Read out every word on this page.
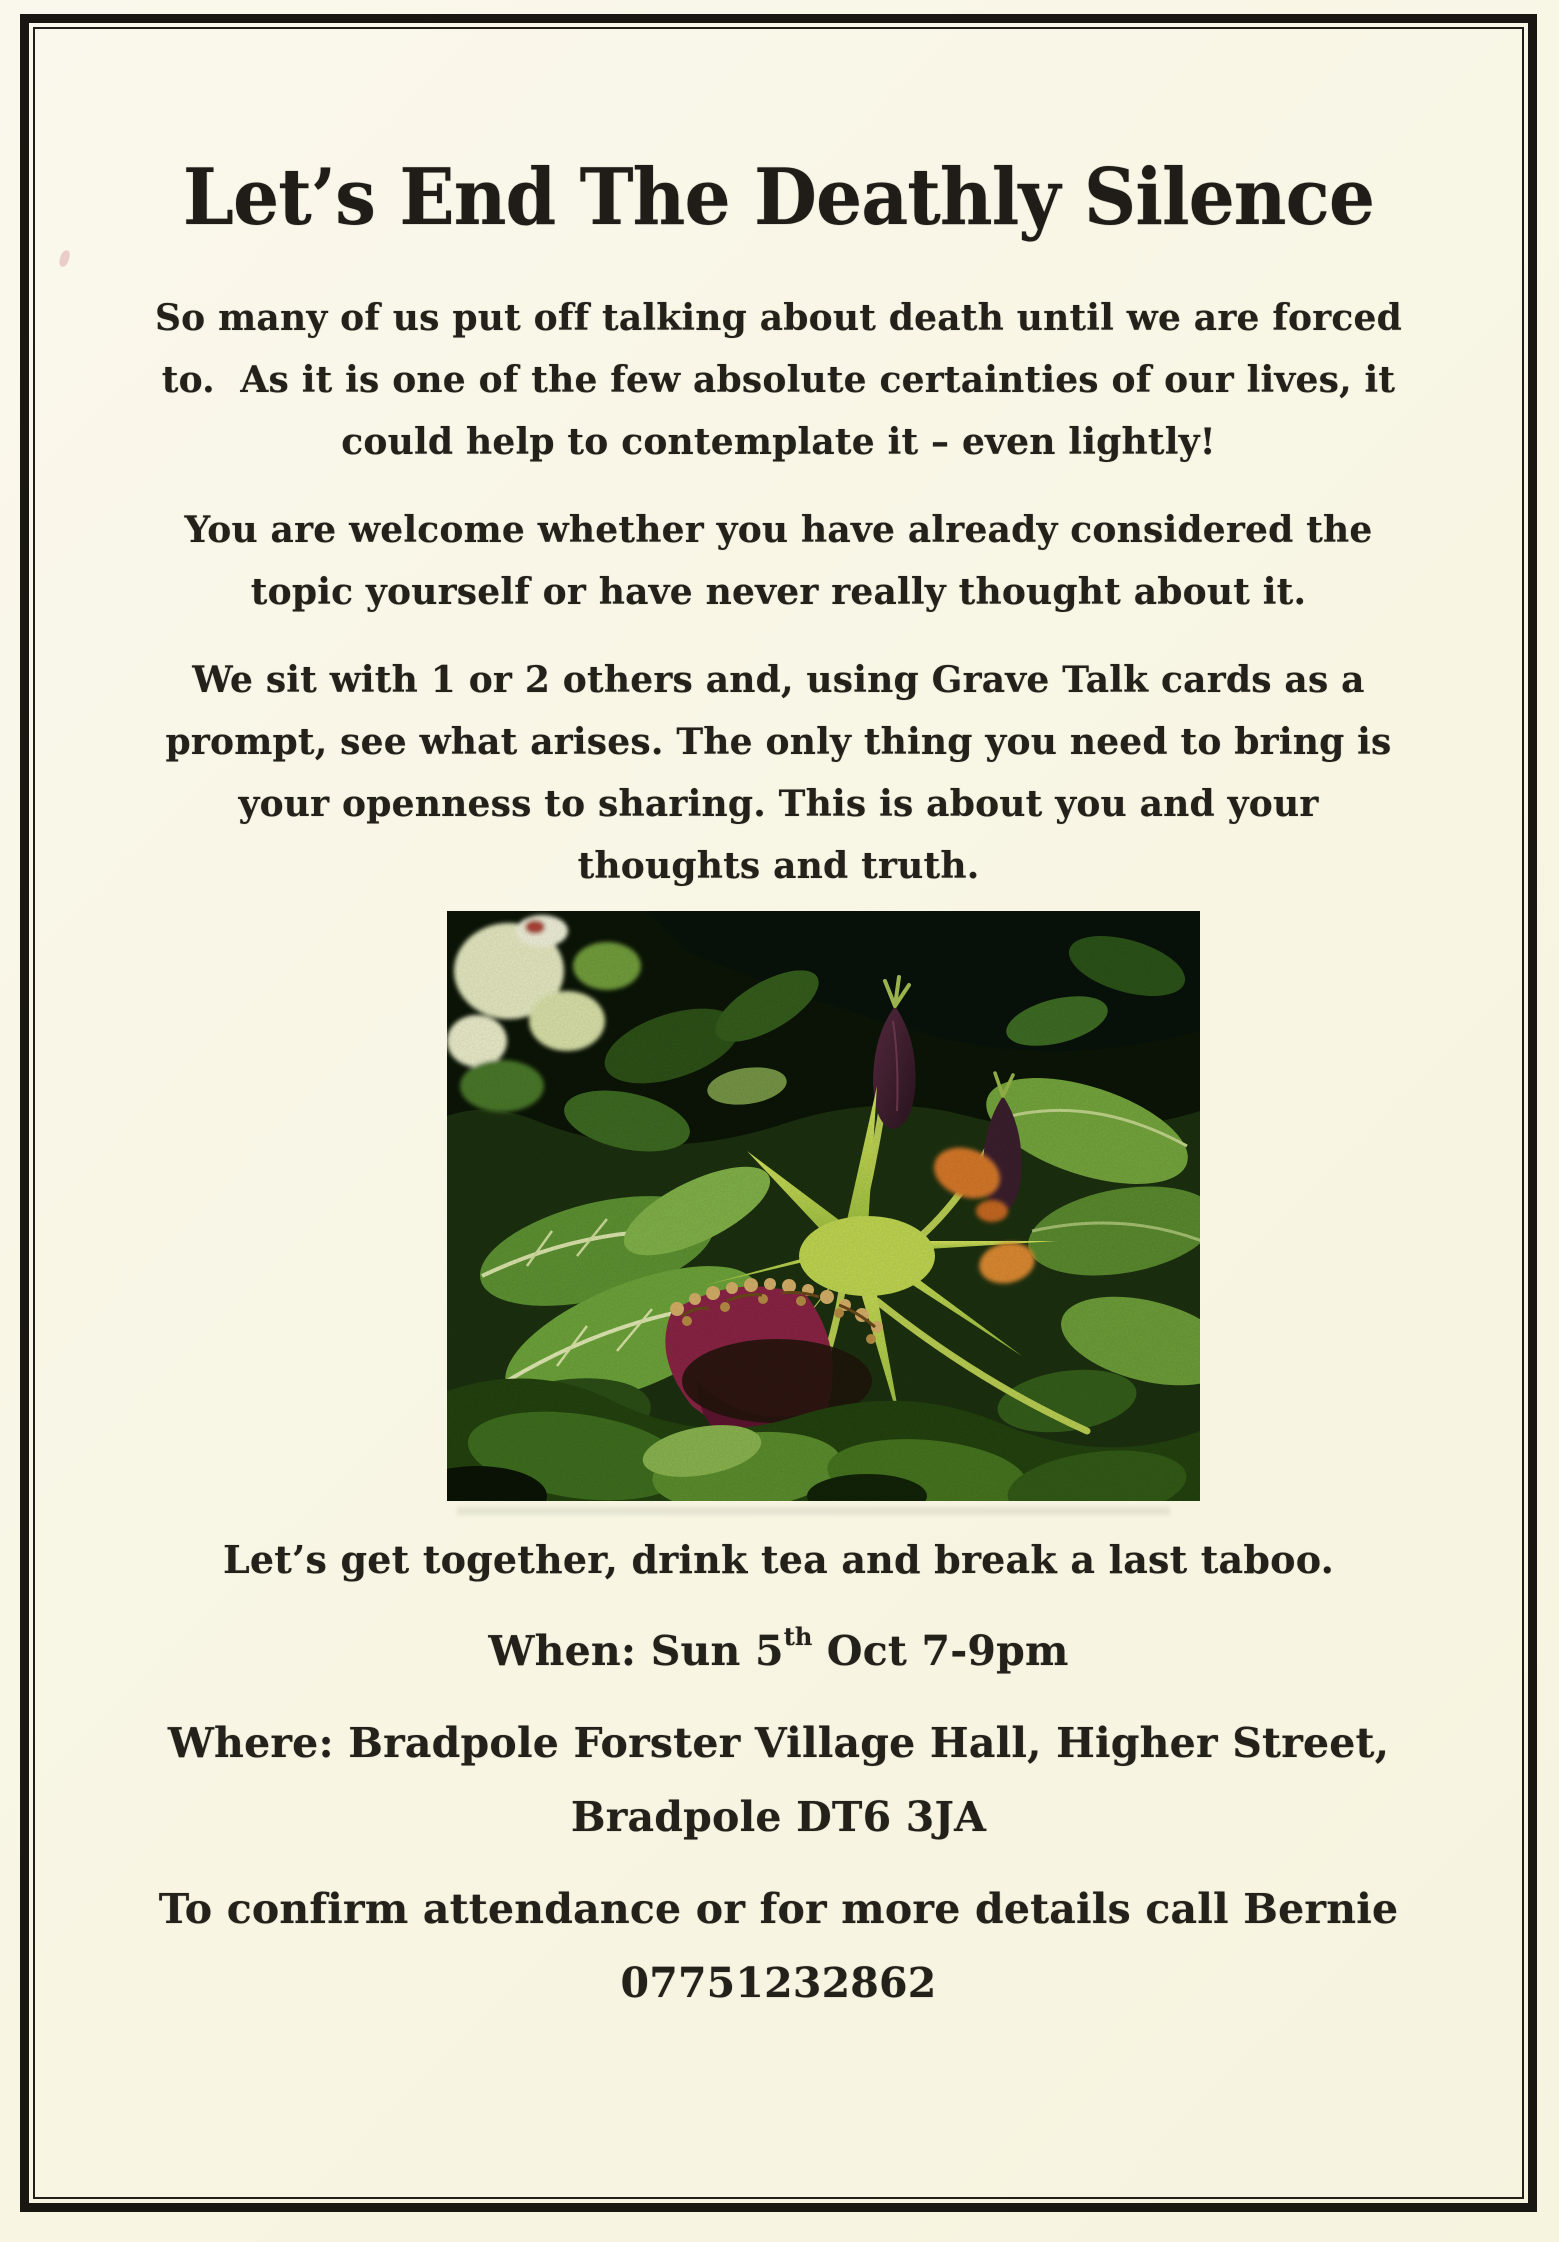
Let’s End The Deathly Silence
So many of us put off talking about death until we are forced
to.  As it is one of the few absolute certainties of our lives, it
could help to contemplate it – even lightly!
You are welcome whether you have already considered the
topic yourself or have never really thought about it.
We sit with 1 or 2 others and, using Grave Talk cards as a
prompt, see what arises. The only thing you need to bring is
your openness to sharing. This is about you and your
thoughts and truth.
Let’s get together, drink tea and break a last taboo.
When: Sun 5th Oct 7-9pm
Where: Bradpole Forster Village Hall, Higher Street,
Bradpole DT6 3JA
To confirm attendance or for more details call Bernie
07751232862
